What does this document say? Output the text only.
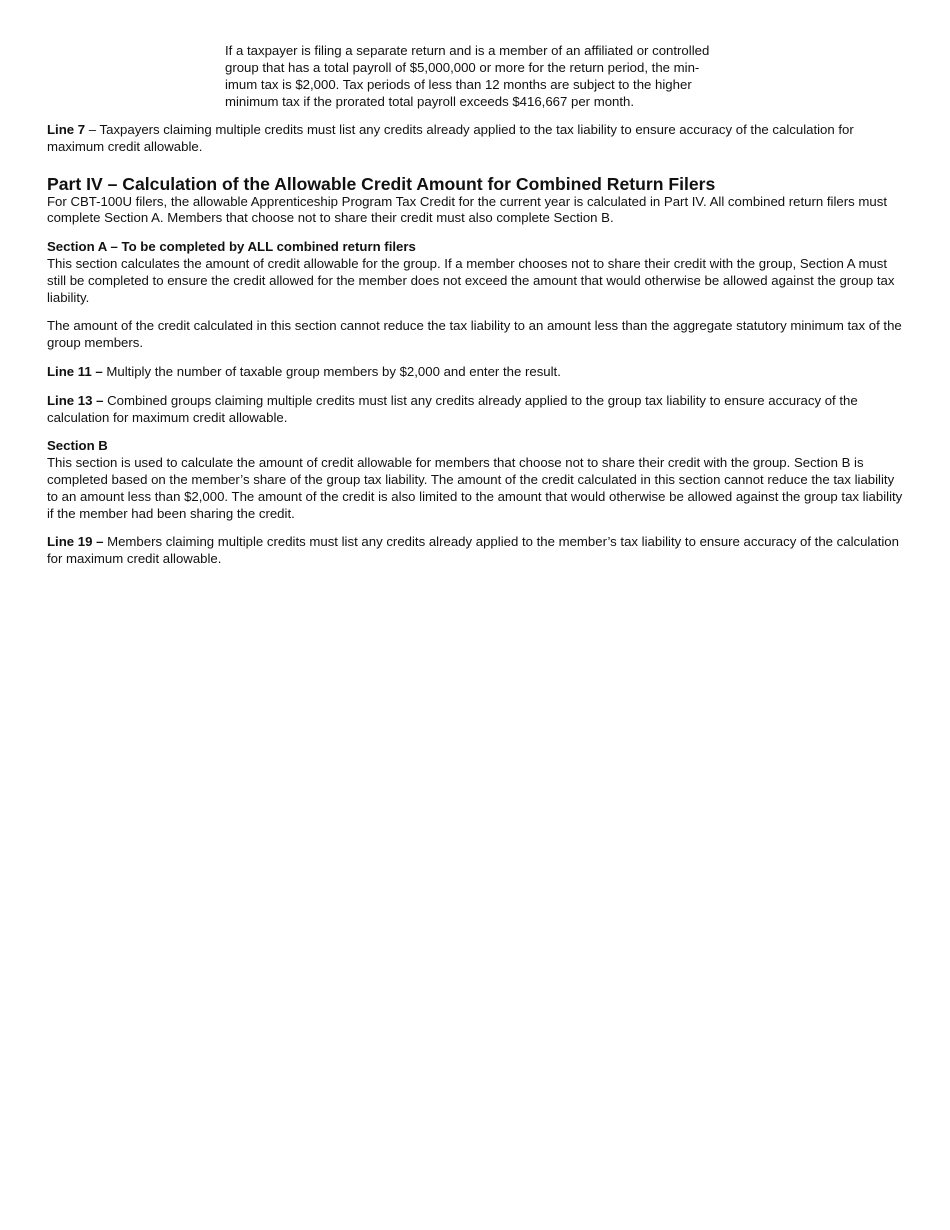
If a taxpayer is filing a separate return and is a member of an affiliated or controlled
group that has a total payroll of $5,000,000 or more for the return period, the min-
imum tax is $2,000. Tax periods of less than 12 months are subject to the higher
minimum tax if the prorated total payroll exceeds $416,667 per month.

Line 7 – Taxpayers claiming multiple credits must list any credits already applied to the tax liability to ensure accuracy of the calculation for maximum credit allowable.

Part IV – Calculation of the Allowable Credit Amount for Combined Return Filers

For CBT-100U filers, the allowable Apprenticeship Program Tax Credit for the current year is calculated in Part IV. All combined return filers must complete Section A. Members that choose not to share their credit must also complete Section B.

Section A – To be completed by ALL combined return filers

This section calculates the amount of credit allowable for the group. If a member chooses not to share their credit with the group, Section A must still be completed to ensure the credit allowed for the member does not exceed the amount that would otherwise be allowed against the group tax liability.

The amount of the credit calculated in this section cannot reduce the tax liability to an amount less than the aggregate statutory minimum tax of the group members.

Line 11 – Multiply the number of taxable group members by $2,000 and enter the result.

Line 13 – Combined groups claiming multiple credits must list any credits already applied to the group tax liability to ensure accuracy of the calculation for maximum credit allowable.

Section B

This section is used to calculate the amount of credit allowable for members that choose not to share their credit with the group. Section B is completed based on the member’s share of the group tax liability. The amount of the credit calculated in this section cannot reduce the tax liability to an amount less than $2,000. The amount of the credit is also limited to the amount that would otherwise be allowed against the group tax liability if the member had been sharing the credit.

Line 19 – Members claiming multiple credits must list any credits already applied to the member’s tax liability to ensure accuracy of the calculation for maximum credit allowable.
